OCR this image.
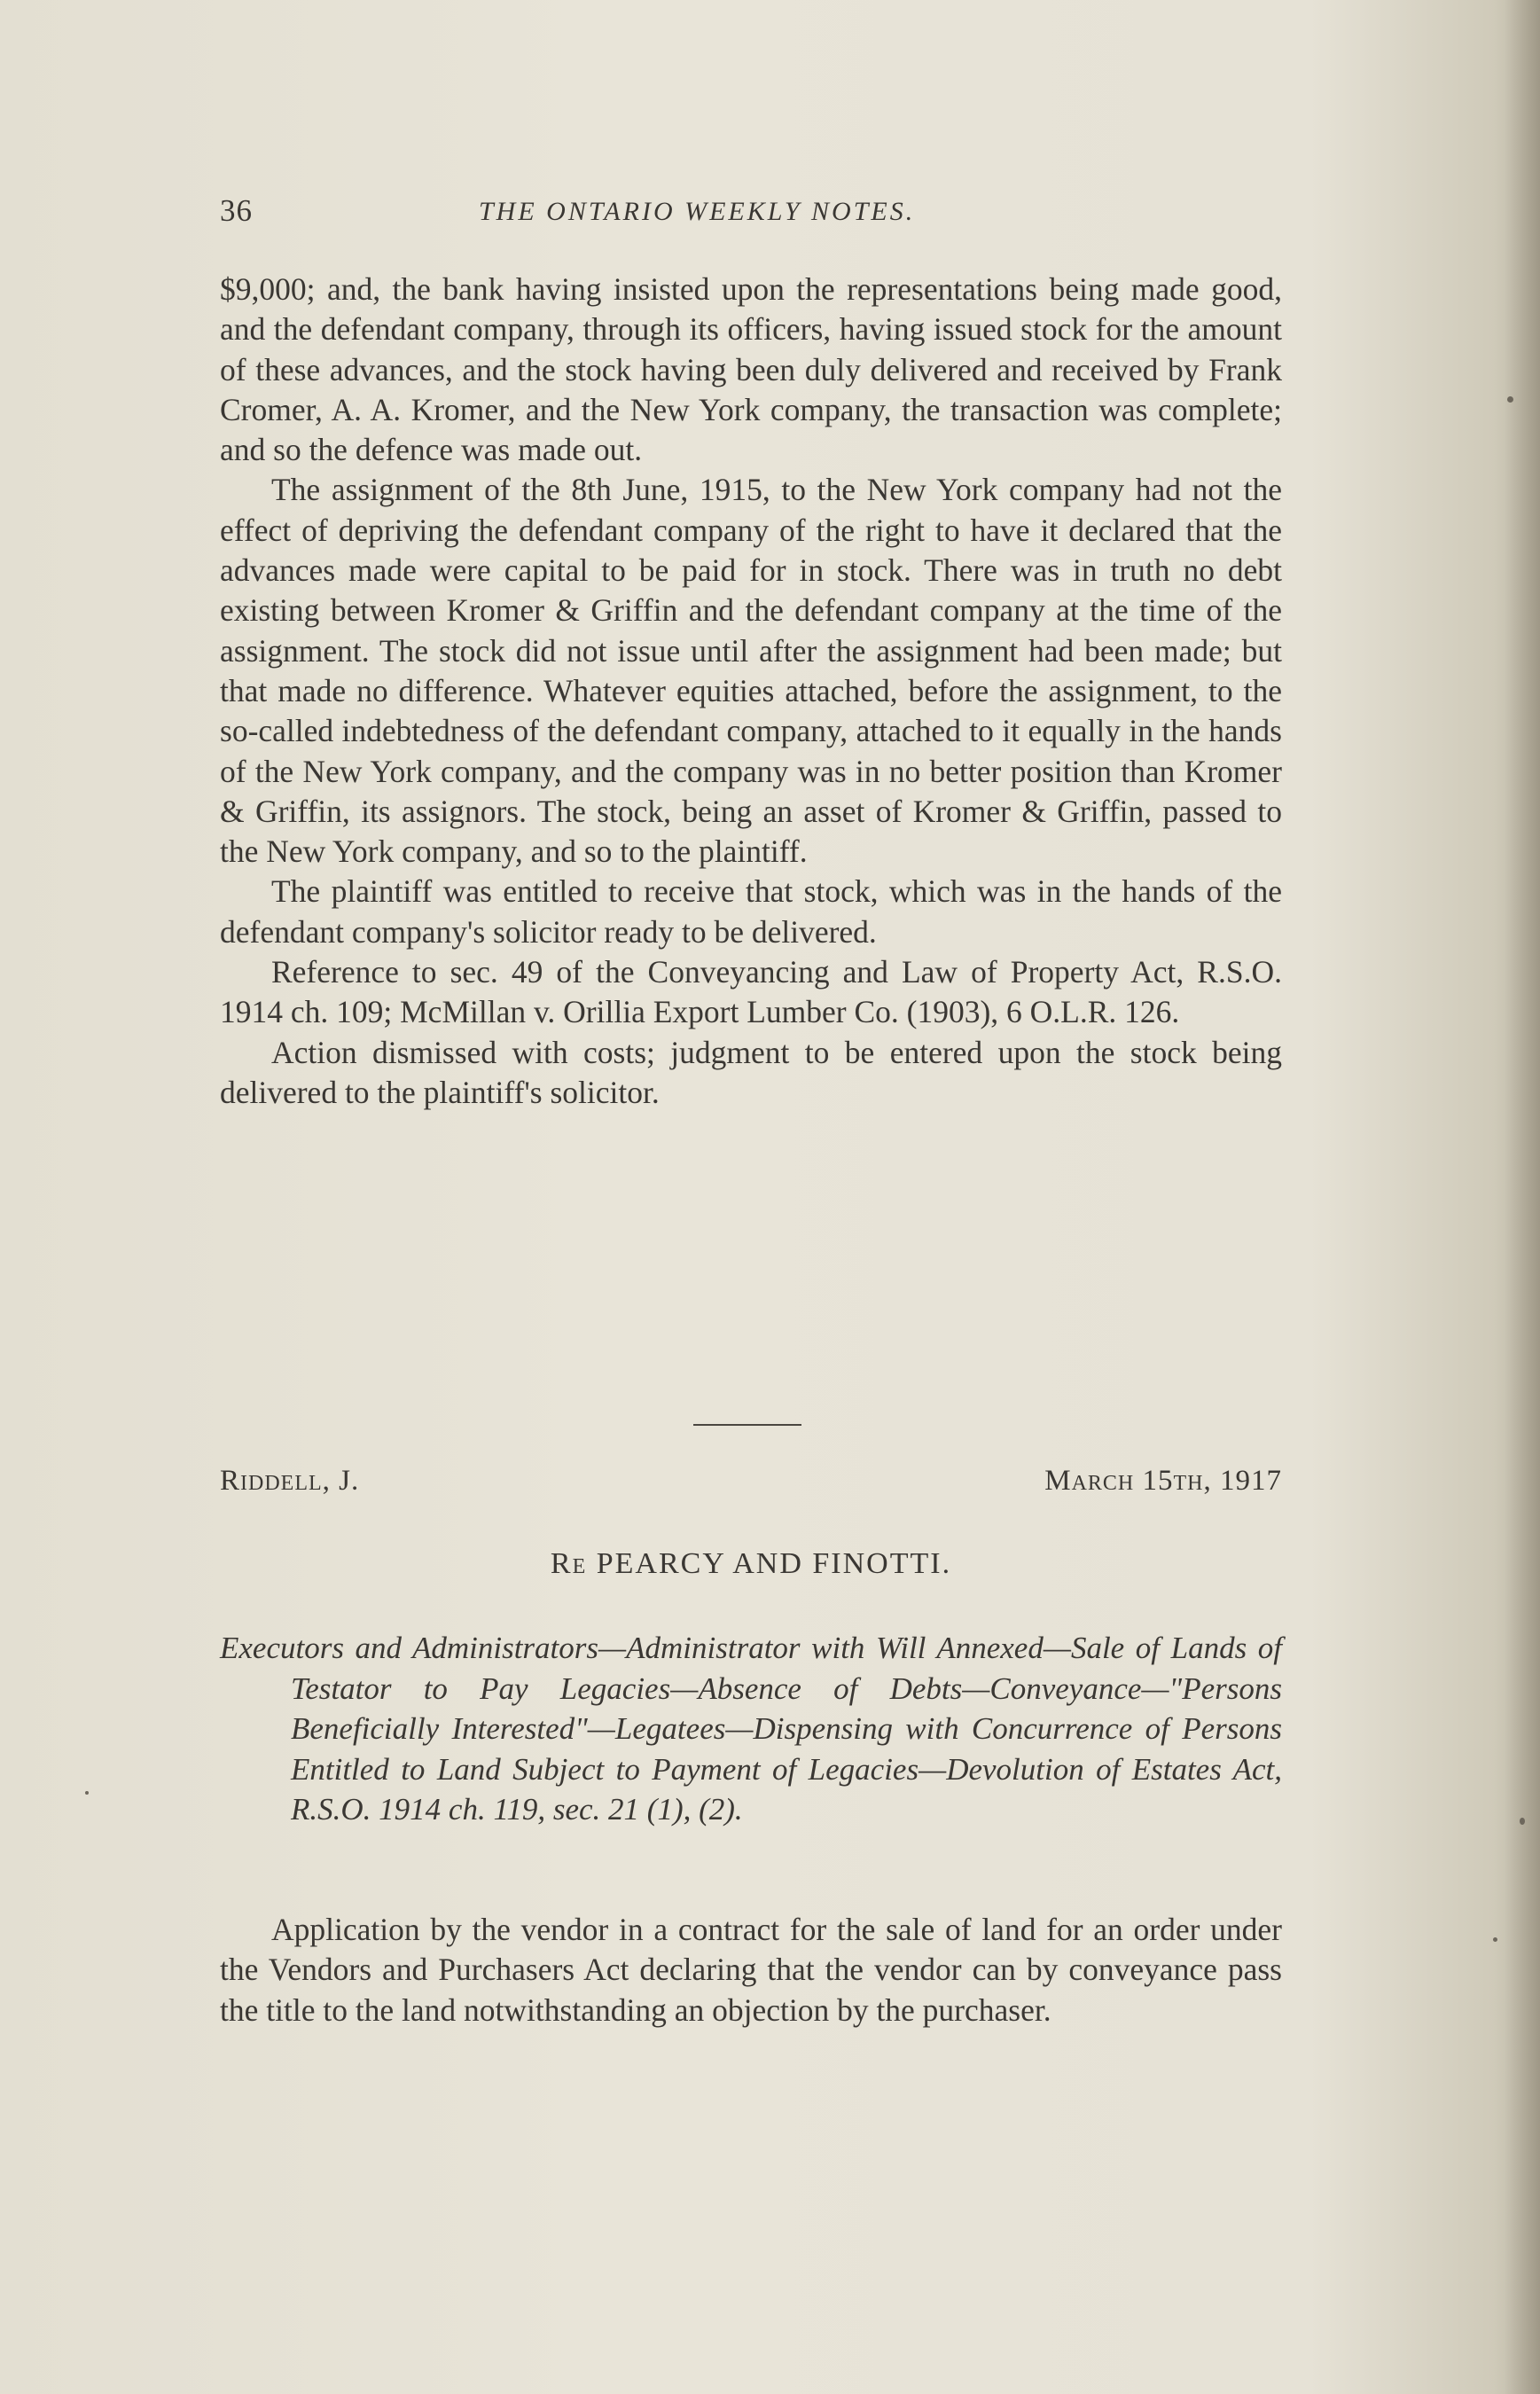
36	THE ONTARIO WEEKLY NOTES.

$9,000; and, the bank having insisted upon the representations being made good, and the defendant company, through its officers, having issued stock for the amount of these advances, and the stock having been duly delivered and received by Frank Cromer, A. A. Kromer, and the New York company, the transaction was complete; and so the defence was made out.

The assignment of the 8th June, 1915, to the New York company had not the effect of depriving the defendant company of the right to have it declared that the advances made were capital to be paid for in stock. There was in truth no debt existing between Kromer & Griffin and the defendant company at the time of the assignment. The stock did not issue until after the assignment had been made; but that made no difference. Whatever equities attached, before the assignment, to the so-called indebtedness of the defendant company, attached to it equally in the hands of the New York company, and the company was in no better position than Kromer & Griffin, its assignors. The stock, being an asset of Kromer & Griffin, passed to the New York company, and so to the plaintiff.

The plaintiff was entitled to receive that stock, which was in the hands of the defendant company's solicitor ready to be delivered.

Reference to sec. 49 of the Conveyancing and Law of Property Act, R.S.O. 1914 ch. 109; McMillan v. Orillia Export Lumber Co. (1903), 6 O.L.R. 126.

Action dismissed with costs; judgment to be entered upon the stock being delivered to the plaintiff's solicitor.

RIDDELL, J.	MARCH 15TH, 1917
RE PEARCY AND FINOTTI.
Executors and Administrators—Administrator with Will Annexed—Sale of Lands of Testator to Pay Legacies—Absence of Debts—Conveyance—"Persons Beneficially Interested"—Legatees—Dispensing with Concurrence of Persons Entitled to Land Subject to Payment of Legacies—Devolution of Estates Act, R.S.O. 1914 ch. 119, sec. 21 (1), (2).

Application by the vendor in a contract for the sale of land for an order under the Vendors and Purchasers Act declaring that the vendor can by conveyance pass the title to the land notwithstanding an objection by the purchaser.
